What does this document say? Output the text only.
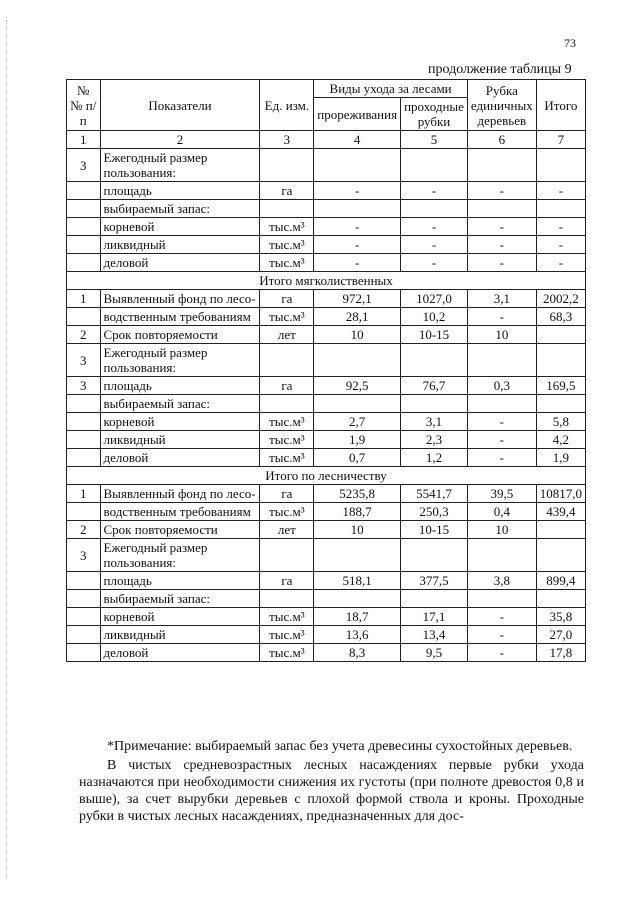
73
продолжение таблицы 9
№ № п/п	Показатели	Ед. изм.	Виды ухода за лесами		Рубка единичных деревьев	Итого
			прореживания	проходные рубки		
1	2	3	4	5	6	7
3	Ежегодный размер пользования:					
	площадь	га	-	-	-	-
	выбираемый запас:					
	корневой	тыс.м³	-	-	-	-
	ликвидный	тыс.м³	-	-	-	-
	деловой	тыс.м³	-	-	-	-
Итого мягколиственных						
1	Выявленный фонд по лесо-	га	972,1	1027,0	3,1	2002,2
	водственным требованиям	тыс.м³	28,1	10,2	-	68,3
2	Срок повторяемости	лет	10	10-15	10	
3	Ежегодный размер пользования:					
3	площадь	га	92,5	76,7	0,3	169,5
	выбираемый запас:					
	корневой	тыс.м³	2,7	3,1	-	5,8
	ликвидный	тыс.м³	1,9	2,3	-	4,2
	деловой	тыс.м³	0,7	1,2	-	1,9
Итого по лесничеству						
1	Выявленный фонд по лесо-	га	5235,8	5541,7	39,5	10817,0
	водственным требованиям	тыс.м³	188,7	250,3	0,4	439,4
2	Срок повторяемости	лет	10	10-15	10	
3	Ежегодный размер пользования:					
	площадь	га	518,1	377,5	3,8	899,4
	выбираемый запас:					
	корневой	тыс.м³	18,7	17,1	-	35,8
	ликвидный	тыс.м³	13,6	13,4	-	27,0
	деловой	тыс.м³	8,3	9,5	-	17,8

*Примечание: выбираемый запас без учета древесины сухостойных деревьев.

В чистых средневозрастных лесных насаждениях первые рубки ухода назначаются при необходимости снижения их густоты (при полноте древостоя 0,8 и выше), за счет вырубки деревьев с плохой формой ствола и кроны. Проходные рубки в чистых лесных насаждениях, предназначенных для дос-
